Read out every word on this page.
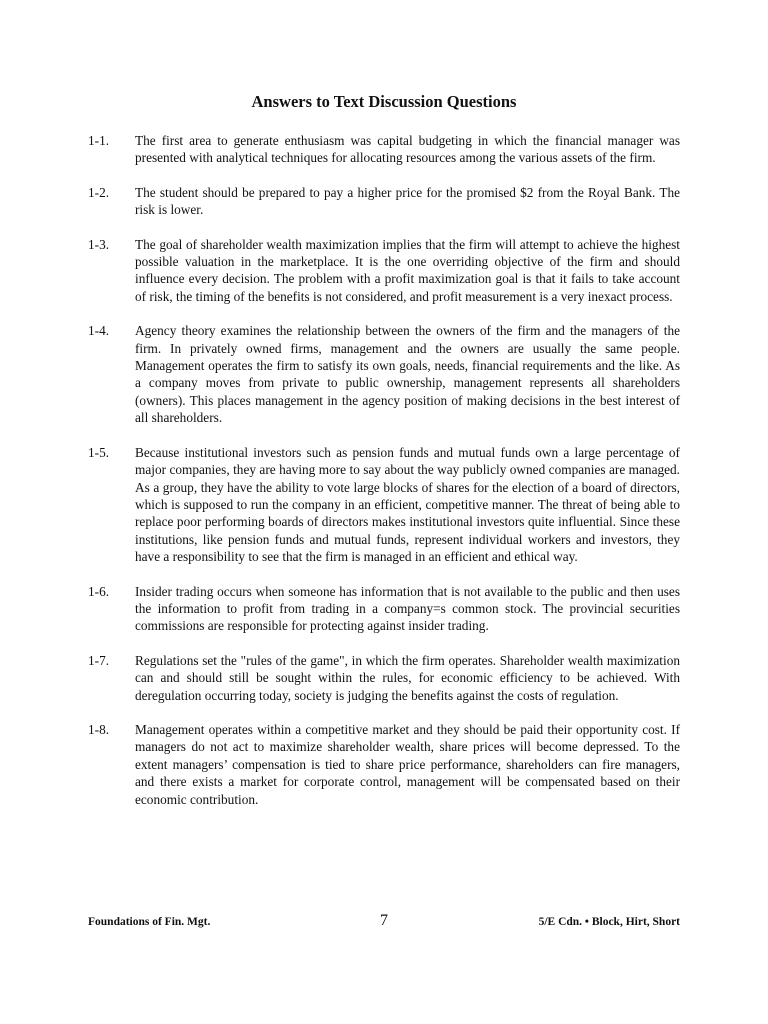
Answers to Text Discussion Questions
1-1.	The first area to generate enthusiasm was capital budgeting in which the financial manager was presented with analytical techniques for allocating resources among the various assets of the firm.
1-2.	The student should be prepared to pay a higher price for the promised $2 from the Royal Bank. The risk is lower.
1-3.	The goal of shareholder wealth maximization implies that the firm will attempt to achieve the highest possible valuation in the marketplace. It is the one overriding objective of the firm and should influence every decision. The problem with a profit maximization goal is that it fails to take account of risk, the timing of the benefits is not considered, and profit measurement is a very inexact process.
1-4.	Agency theory examines the relationship between the owners of the firm and the managers of the firm. In privately owned firms, management and the owners are usually the same people. Management operates the firm to satisfy its own goals, needs, financial requirements and the like. As a company moves from private to public ownership, management represents all shareholders (owners). This places management in the agency position of making decisions in the best interest of all shareholders.
1-5.	Because institutional investors such as pension funds and mutual funds own a large percentage of major companies, they are having more to say about the way publicly owned companies are managed. As a group, they have the ability to vote large blocks of shares for the election of a board of directors, which is supposed to run the company in an efficient, competitive manner. The threat of being able to replace poor performing boards of directors makes institutional investors quite influential. Since these institutions, like pension funds and mutual funds, represent individual workers and investors, they have a responsibility to see that the firm is managed in an efficient and ethical way.
1-6.	Insider trading occurs when someone has information that is not available to the public and then uses the information to profit from trading in a company=s common stock. The provincial securities commissions are responsible for protecting against insider trading.
1-7.	Regulations set the "rules of the game", in which the firm operates. Shareholder wealth maximization can and should still be sought within the rules, for economic efficiency to be achieved. With deregulation occurring today, society is judging the benefits against the costs of regulation.
1-8.	Management operates within a competitive market and they should be paid their opportunity cost. If managers do not act to maximize shareholder wealth, share prices will become depressed. To the extent managers’ compensation is tied to share price performance, shareholders can fire managers, and there exists a market for corporate control, management will be compensated based on their economic contribution.
Foundations of Fin. Mgt.	7	5/E Cdn. • Block, Hirt, Short
